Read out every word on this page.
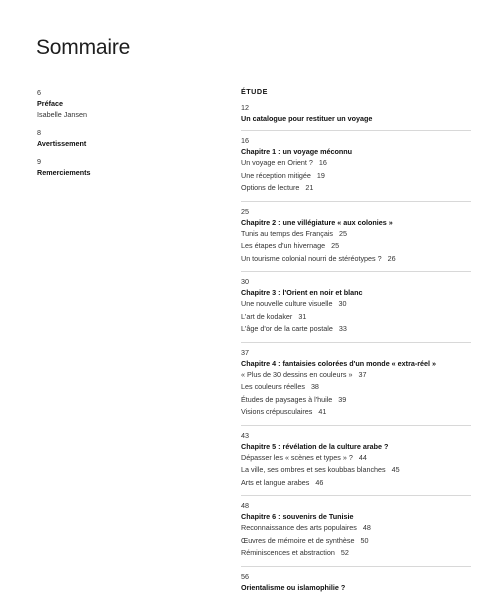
Sommaire
6
Préface
Isabelle Jansen
8
Avertissement
9
Remerciements
ÉTUDE
12
Un catalogue pour restituer un voyage
16
Chapitre 1 : un voyage méconnu
Un voyage en Orient ? 16
Une réception mitigée 19
Options de lecture 21
25
Chapitre 2 : une villégiature « aux colonies »
Tunis au temps des Français 25
Les étapes d'un hivernage 25
Un tourisme colonial nourri de stéréotypes ? 26
30
Chapitre 3 : l'Orient en noir et blanc
Une nouvelle culture visuelle 30
L'art de kodaker 31
L'âge d'or de la carte postale 33
37
Chapitre 4 : fantaisies colorées d'un monde « extra-réel »
« Plus de 30 dessins en couleurs » 37
Les couleurs réelles 38
Études de paysages à l'huile 39
Visions crépusculaires 41
43
Chapitre 5 : révélation de la culture arabe ?
Dépasser les « scènes et types » ? 44
La ville, ses ombres et ses koubbas blanches 45
Arts et langue arabes 46
48
Chapitre 6 : souvenirs de Tunisie
Reconnaissance des arts populaires 48
Œuvres de mémoire et de synthèse 50
Réminiscences et abstraction 52
56
Orientalisme ou islamophilie ?
